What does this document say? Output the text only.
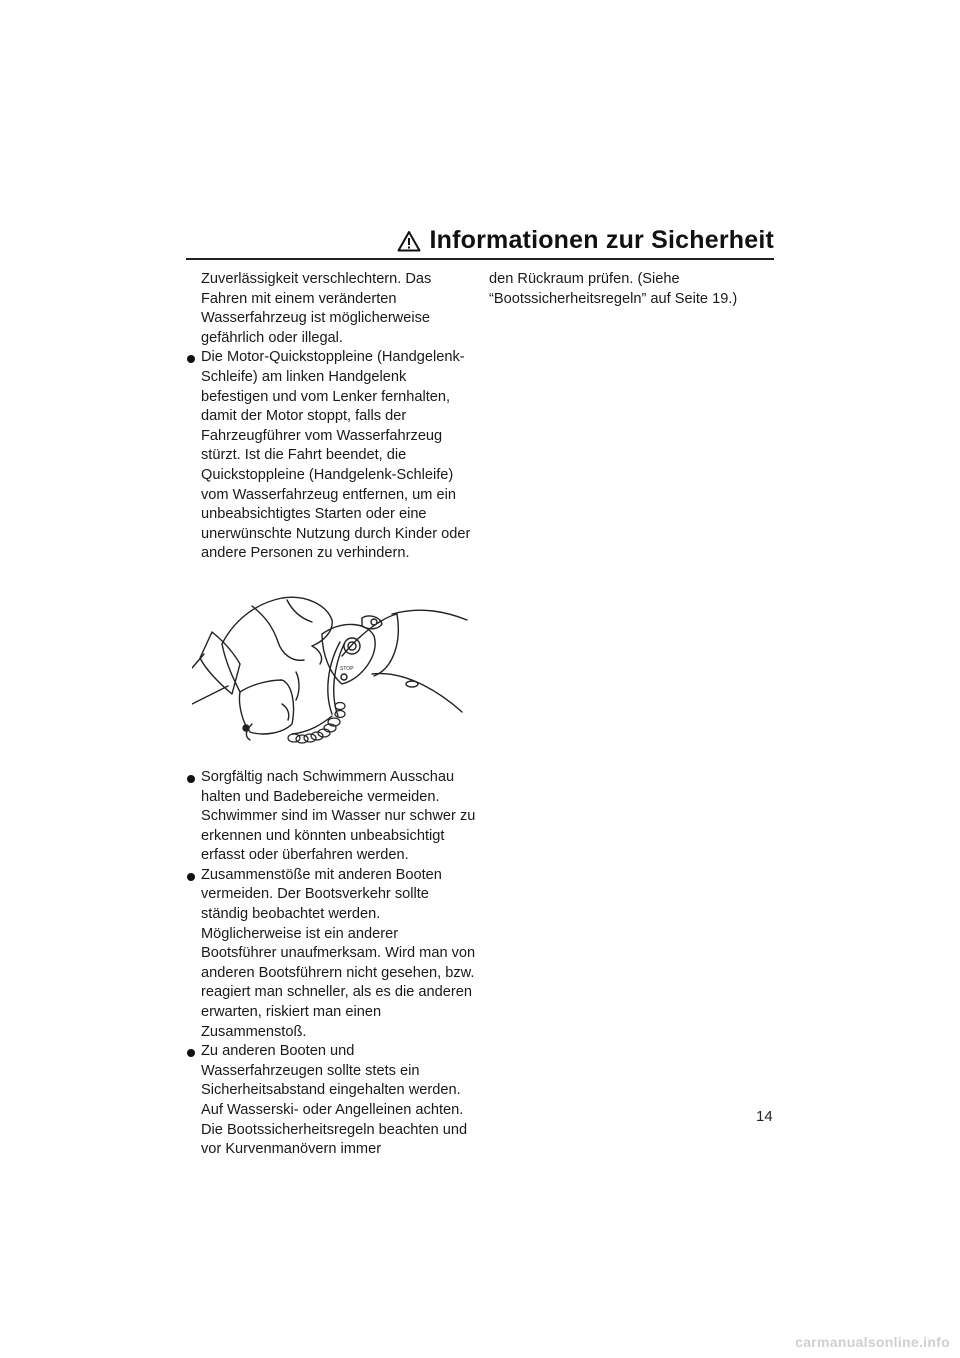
Informationen zur Sicherheit

Zuverlässigkeit verschlechtern. Das Fahren mit einem veränderten Wasserfahrzeug ist möglicherweise gefährlich oder illegal.

Die Motor-Quickstoppleine (Handgelenk-Schleife) am linken Handgelenk befestigen und vom Lenker fernhalten, damit der Motor stoppt, falls der Fahrzeugführer vom Wasserfahrzeug stürzt. Ist die Fahrt beendet, die Quickstoppleine (Handgelenk-Schleife) vom Wasserfahrzeug entfernen, um ein unbeabsichtigtes Starten oder eine unerwünschte Nutzung durch Kinder oder andere Personen zu verhindern.
STOP
Sorgfältig nach Schwimmern Ausschau halten und Badebereiche vermeiden. Schwimmer sind im Wasser nur schwer zu erkennen und könnten unbeabsichtigt erfasst oder überfahren werden.
Zusammenstöße mit anderen Booten vermeiden. Der Bootsverkehr sollte ständig beobachtet werden. Möglicherweise ist ein anderer Bootsführer unaufmerksam. Wird man von anderen Bootsführern nicht gesehen, bzw. reagiert man schneller, als es die anderen erwarten, riskiert man einen Zusammenstoß.
Zu anderen Booten und Wasserfahrzeugen sollte stets ein Sicherheitsabstand eingehalten werden. Auf Wasserski- oder Angelleinen achten. Die Bootssicherheitsregeln beachten und vor Kurvenmanövern immer

den Rückraum prüfen. (Siehe “Bootssicherheitsregeln” auf Seite 19.)

14
carmanualsonline.info
